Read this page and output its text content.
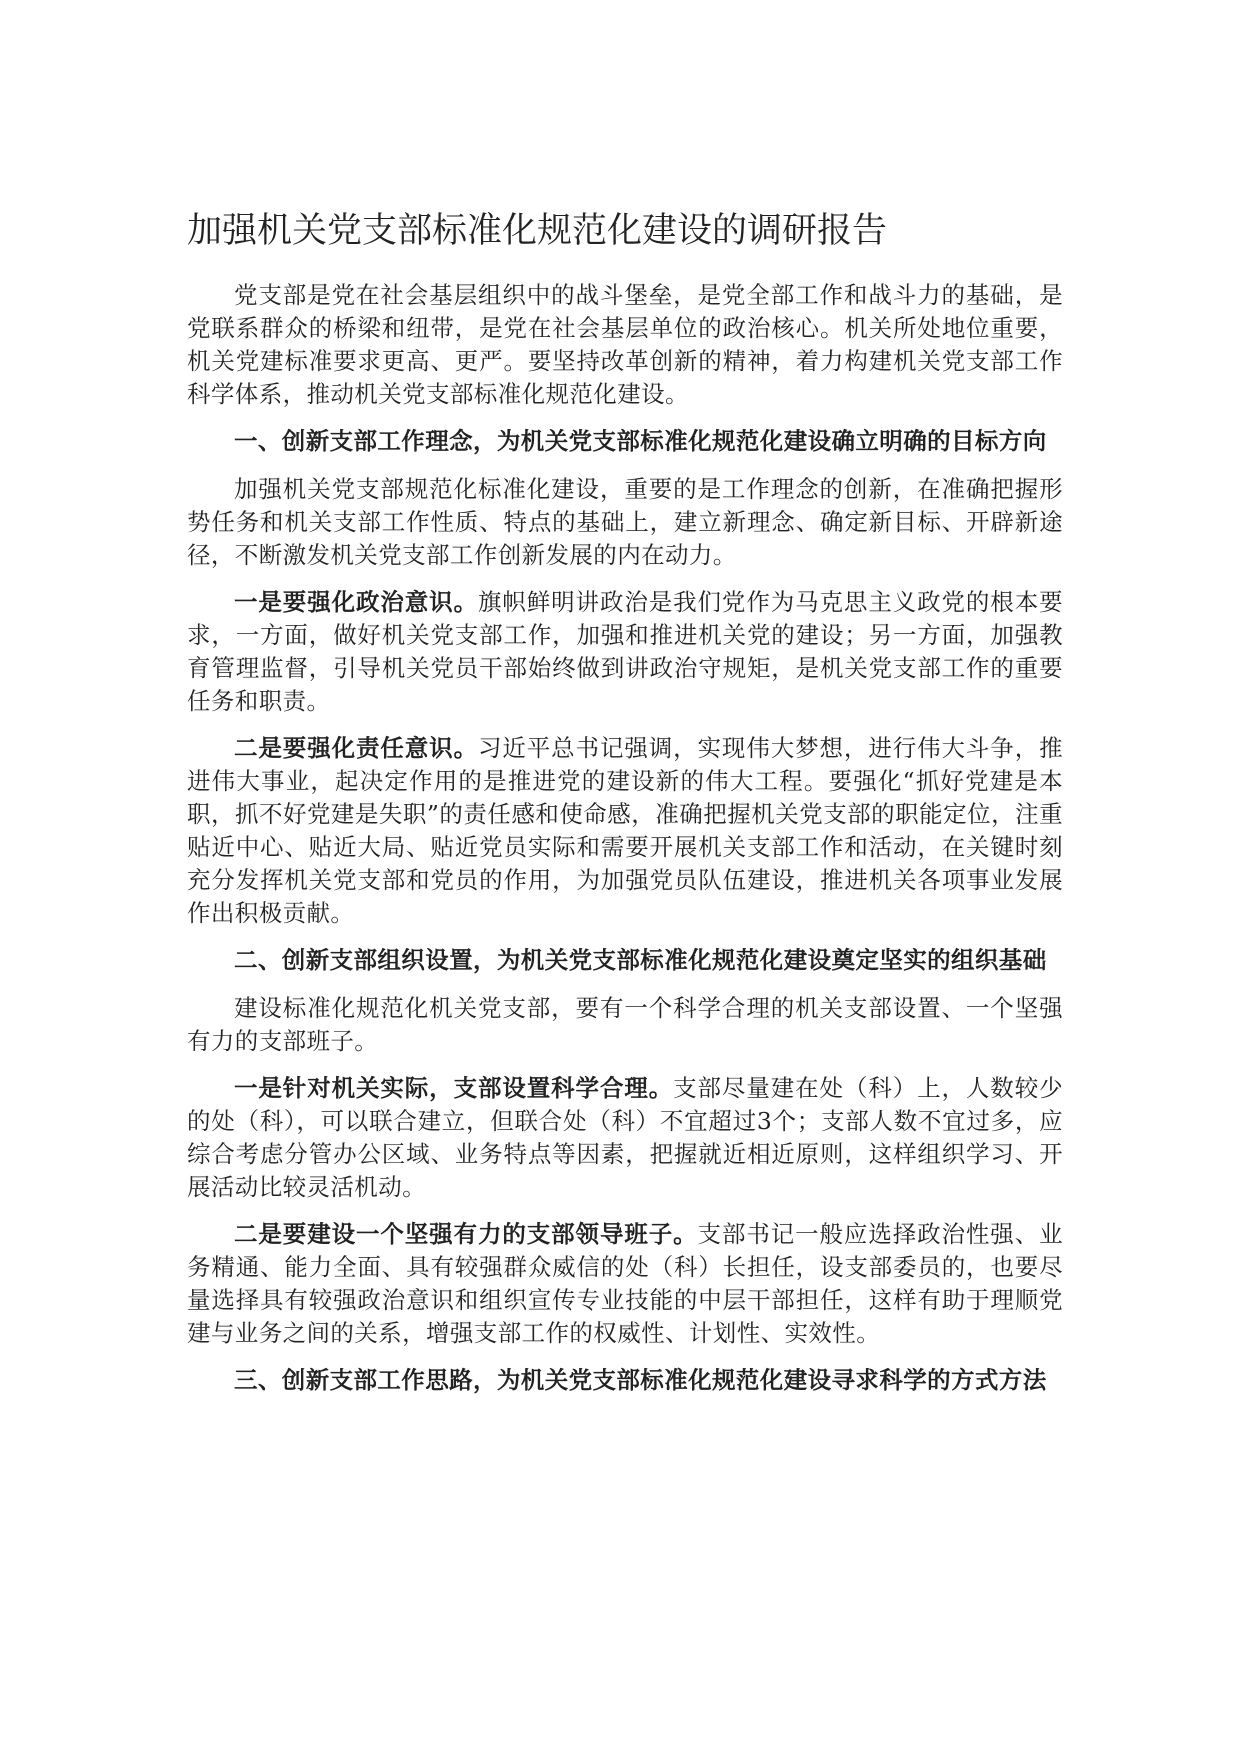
加强机关党支部标准化规范化建设的调研报告

党支部是党在社会基层组织中的战斗堡垒，是党全部工作和战斗力的基础，是党联系群众的桥梁和纽带，是党在社会基层单位的政治核心。机关所处地位重要，机关党建标准要求更高、更严。要坚持改革创新的精神，着力构建机关党支部工作科学体系，推动机关党支部标准化规范化建设。

一、创新支部工作理念，为机关党支部标准化规范化建设确立明确的目标方向

加强机关党支部规范化标准化建设，重要的是工作理念的创新，在准确把握形势任务和机关支部工作性质、特点的基础上，建立新理念、确定新目标、开辟新途径，不断激发机关党支部工作创新发展的内在动力。

一是要强化政治意识。旗帜鲜明讲政治是我们党作为马克思主义政党的根本要求，一方面，做好机关党支部工作，加强和推进机关党的建设；另一方面，加强教育管理监督，引导机关党员干部始终做到讲政治守规矩，是机关党支部工作的重要任务和职责。

二是要强化责任意识。习近平总书记强调，实现伟大梦想，进行伟大斗争，推进伟大事业，起决定作用的是推进党的建设新的伟大工程。要强化“抓好党建是本职，抓不好党建是失职”的责任感和使命感，准确把握机关党支部的职能定位，注重贴近中心、贴近大局、贴近党员实际和需要开展机关支部工作和活动，在关键时刻充分发挥机关党支部和党员的作用，为加强党员队伍建设，推进机关各项事业发展作出积极贡献。

二、创新支部组织设置，为机关党支部标准化规范化建设奠定坚实的组织基础

建设标准化规范化机关党支部，要有一个科学合理的机关支部设置、一个坚强有力的支部班子。

一是针对机关实际，支部设置科学合理。支部尽量建在处（科）上，人数较少的处（科），可以联合建立，但联合处（科）不宜超过3个；支部人数不宜过多，应综合考虑分管办公区域、业务特点等因素，把握就近相近原则，这样组织学习、开展活动比较灵活机动。

二是要建设一个坚强有力的支部领导班子。支部书记一般应选择政治性强、业务精通、能力全面、具有较强群众威信的处（科）长担任，设支部委员的，也要尽量选择具有较强政治意识和组织宣传专业技能的中层干部担任，这样有助于理顺党建与业务之间的关系，增强支部工作的权威性、计划性、实效性。

三、创新支部工作思路，为机关党支部标准化规范化建设寻求科学的方式方法
